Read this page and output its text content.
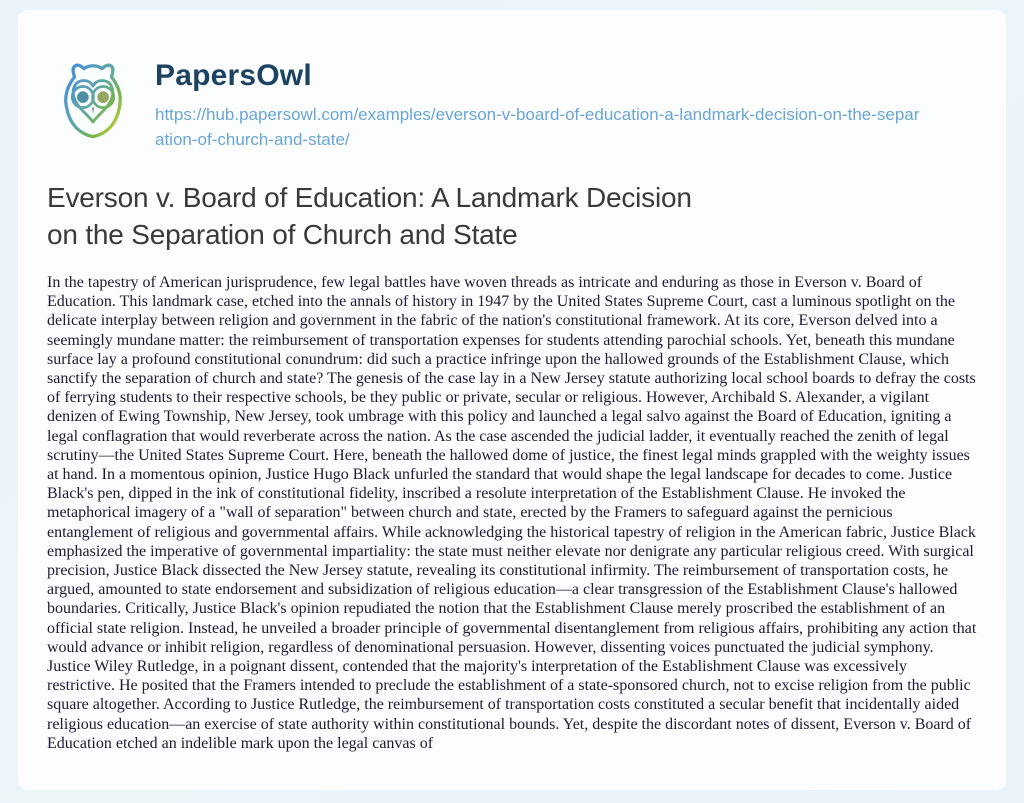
PapersOwl
https://hub.papersowl.com/examples/everson-v-board-of-education-a-landmark-decision-on-the-separation-of-church-and-state/
Everson v. Board of Education: A Landmark Decision on the Separation of Church and State

In the tapestry of American jurisprudence, few legal battles have woven threads as intricate and enduring as those in Everson v. Board of Education. This landmark case, etched into the annals of history in 1947 by the United States Supreme Court, cast a luminous spotlight on the delicate interplay between religion and government in the fabric of the nation's constitutional framework. At its core, Everson delved into a seemingly mundane matter: the reimbursement of transportation expenses for students attending parochial schools. Yet, beneath this mundane surface lay a profound constitutional conundrum: did such a practice infringe upon the hallowed grounds of the Establishment Clause, which sanctify the separation of church and state? The genesis of the case lay in a New Jersey statute authorizing local school boards to defray the costs of ferrying students to their respective schools, be they public or private, secular or religious. However, Archibald S. Alexander, a vigilant denizen of Ewing Township, New Jersey, took umbrage with this policy and launched a legal salvo against the Board of Education, igniting a legal conflagration that would reverberate across the nation. As the case ascended the judicial ladder, it eventually reached the zenith of legal scrutiny—the United States Supreme Court. Here, beneath the hallowed dome of justice, the finest legal minds grappled with the weighty issues at hand. In a momentous opinion, Justice Hugo Black unfurled the standard that would shape the legal landscape for decades to come. Justice Black's pen, dipped in the ink of constitutional fidelity, inscribed a resolute interpretation of the Establishment Clause. He invoked the metaphorical imagery of a "wall of separation" between church and state, erected by the Framers to safeguard against the pernicious entanglement of religious and governmental affairs. While acknowledging the historical tapestry of religion in the American fabric, Justice Black emphasized the imperative of governmental impartiality: the state must neither elevate nor denigrate any particular religious creed. With surgical precision, Justice Black dissected the New Jersey statute, revealing its constitutional infirmity. The reimbursement of transportation costs, he argued, amounted to state endorsement and subsidization of religious education—a clear transgression of the Establishment Clause's hallowed boundaries. Critically, Justice Black's opinion repudiated the notion that the Establishment Clause merely proscribed the establishment of an official state religion. Instead, he unveiled a broader principle of governmental disentanglement from religious affairs, prohibiting any action that would advance or inhibit religion, regardless of denominational persuasion. However, dissenting voices punctuated the judicial symphony. Justice Wiley Rutledge, in a poignant dissent, contended that the majority's interpretation of the Establishment Clause was excessively restrictive. He posited that the Framers intended to preclude the establishment of a state-sponsored church, not to excise religion from the public square altogether. According to Justice Rutledge, the reimbursement of transportation costs constituted a secular benefit that incidentally aided religious education—an exercise of state authority within constitutional bounds. Yet, despite the discordant notes of dissent, Everson v. Board of Education etched an indelible mark upon the legal canvas of
